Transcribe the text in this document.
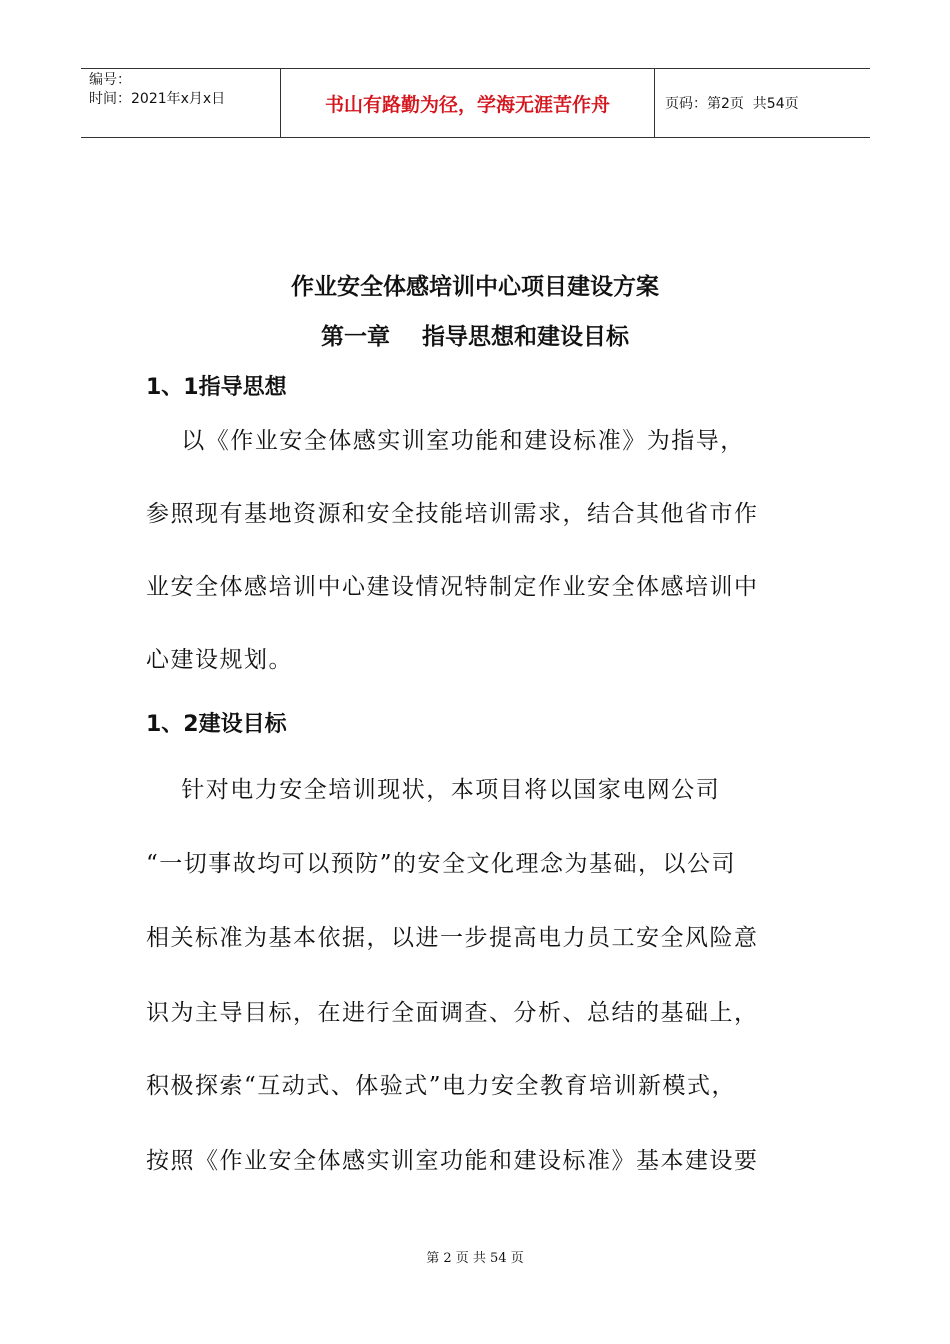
编号：
时间：2021年x月x日	书山有路勤为径，学海无涯苦作舟	页码：第2页  共54页
作业安全体感培训中心项目建设方案
第一章    指导思想和建设目标
1、1指导思想
以《作业安全体感实训室功能和建设标准》为指导，
参照现有基地资源和安全技能培训需求，结合其他省市作
业安全体感培训中心建设情况特制定作业安全体感培训中
心建设规划。
1、2建设目标
针对电力安全培训现状，本项目将以国家电网公司
“一切事故均可以预防”的安全文化理念为基础，以公司
相关标准为基本依据，以进一步提高电力员工安全风险意
识为主导目标，在进行全面调查、分析、总结的基础上，
积极探索“互动式、体验式”电力安全教育培训新模式，
按照《作业安全体感实训室功能和建设标准》基本建设要
第 2 页 共 54 页
